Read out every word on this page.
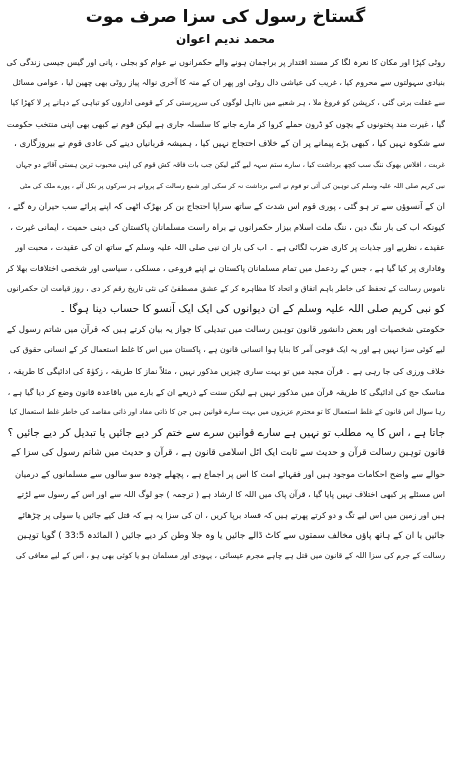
گستاخ رسول کی سزا صرف موت
محمد ندیم اعوان
روٹی کپڑا اور مکان کا نعرہ لگا کر مسند اقتدار پر براجمان ہونے والے حکمرانوں نے عوام کو بجلی ، پانی اور گیس جیسی زندگی کی
بنیادی سہولتوں سے محروم کیا ، غریب کی عیاشی دال روٹی اور پھر ان کے منہ کا آخری نوالہ پیاز روٹی بھی چھین لیا ، عوامی مسائل
سے غفلت برتی گئی ، کرپشن کو فروغ ملا ، ہر شعبے میں نااہل لوگوں کی سرپرستی کر کے قومی اداروں کو تباہی کے دہانے پر لا کھڑا کیا
گیا ، غیرت مند پختونوں کے بچوں کو ڈرون حملے کروا کر مارے جانے کا سلسلہ جاری ہے لیکن قوم نے کبھی بھی اپنی منتخب حکومت
سے شکوہ نہیں کیا ، کبھی بڑے پیمانے پر ان کے خلاف احتجاج نہیں کیا ، ہمیشہ قربانیاں دینے کی عادی قوم نے بیروزگاری ،
غربت ، افلاس بھوک ننگ سب کچھ برداشت کیا ، سارے ستم سہہ لیے گئے لیکن جب بات فاقہ کش قوم کی اپنی محبوب ترین ہستی آقائے دو جہاں
نبی کریم صلی اللہ علیہ وسلم کی توہین کی آئی تو قوم نے اسے برداشت نہ کر سکی اور شمع رسالت کے پروانے ہر سرکوں پر نکل آئے ، پورے ملک کی مٹی
ان کے آنسوؤں سے تر ہو گئی ، پوری قوم اس شدت کے ساتھ سراپا احتجاج بن کر بھڑک اٹھی کہ اپنے پرائے سب حیران رہ گئے ،
کیونکہ اب کی بار ننگ دین ، ننگ ملت اسلام بیزار حکمرانوں نے براہ راست مسلمانان پاکستان کی دینی حمیت ، ایمانی غیرت ،
عقیدے ، نظریے اور جذبات پر کاری ضرب لگائی ہے ۔ اب کی بار ان نبی صلی اللہ علیہ وسلم کے ساتھ ان کی عقیدت ، محبت اور
وفاداری پر کیا گیا ہے ، جس کے ردعمل میں تمام مسلمانان پاکستان نے اپنے فروعی ، مسلکی ، سیاسی اور شخصی اختلافات بھلا کر
ناموس رسالت کے تحفظ کی خاطر باہم اتفاق و اتحاد کا مظاہرہ کر کے عشق مصطفیٰ کی نئی تاریخ رقم کر دی ، روز قیامت ان حکمرانوں
کو نبی کریم صلی اللہ علیہ وسلم کے ان دیوانوں کی ایک ایک آنسو کا حساب دینا ہوگا ۔
حکومتی شخصیات اور بعض دانشور قانون توہین رسالت میں تبدیلی کا جواز یہ بیان کرتے ہیں کہ قرآن میں شاتم رسول کے
لیے کوئی سزا نہیں ہے اور یہ ایک فوجی آمر کا بنایا ہوا انسانی قانون ہے ، پاکستان میں اس کا غلط استعمال کر کے انسانی حقوق کی
خلاف ورزی کی جا رہی ہے ۔ قرآن مجید میں تو بہت ساری چیزیں مذکور نہیں ، مثلاً نماز کا طریقہ ، زکوٰۃ کی ادائیگی کا طریقہ ،
مناسک حج کی ادائیگی کا طریقہ قرآن میں مذکور نہیں ہے لیکن سنت کے ذریعے ان کے بارے میں باقاعدہ قانون وضع کر دیا گیا ہے ،
رہا سوال اس قانون کے غلط استعمال کا تو محترم عزیزوں میں بہت سارے قوانین ہیں جن کا ذاتی مفاد اور ذاتی مقاصد کی خاطر غلط استعمال کیا
جاتا ہے ، اس کا یہ مطلب تو نہیں ہے سارے قوانین سرے سے ختم کر دیے جائیں یا تبدیل کر دیے جائیں ؟
قانون توہین رسالت قرآن و حدیث سے ثابت ایک اٹل اسلامی قانون ہے ، قرآن و حدیث میں شاتم رسول کی سزا کے
حوالے سے واضح احکامات موجود ہیں اور فقہائے امت کا اس پر اجماع ہے ، پچھلے چودہ سو سالوں سے مسلمانوں کے درمیان
اس مسئلے پر کبھی اختلاف نہیں پایا گیا ، قرآن پاک میں اللہ کا ارشاد ہے ( ترجمہ ) جو لوگ اللہ سے اور اس کے رسول سے لڑتے
ہیں اور زمین میں اس لیے تگ و دو کرتے پھرتے ہیں کہ فساد برپا کریں ، ان کی سزا یہ ہے کہ قتل کیے جائیں یا سولی پر چڑھائے
جائیں یا ان کے ہاتھ پاؤں مخالف سمتوں سے کاٹ ڈالے جائیں یا وہ جلا وطن کر دیے جائیں ( المائدہ 33:5 ) گویا توہین
رسالت کے جرم کی سزا اللہ کے قانون میں قتل ہے چاہے مجرم عیسائی ، یہودی اور مسلمان ہو یا کوئی بھی ہو ، اس کے لیے معافی کی
